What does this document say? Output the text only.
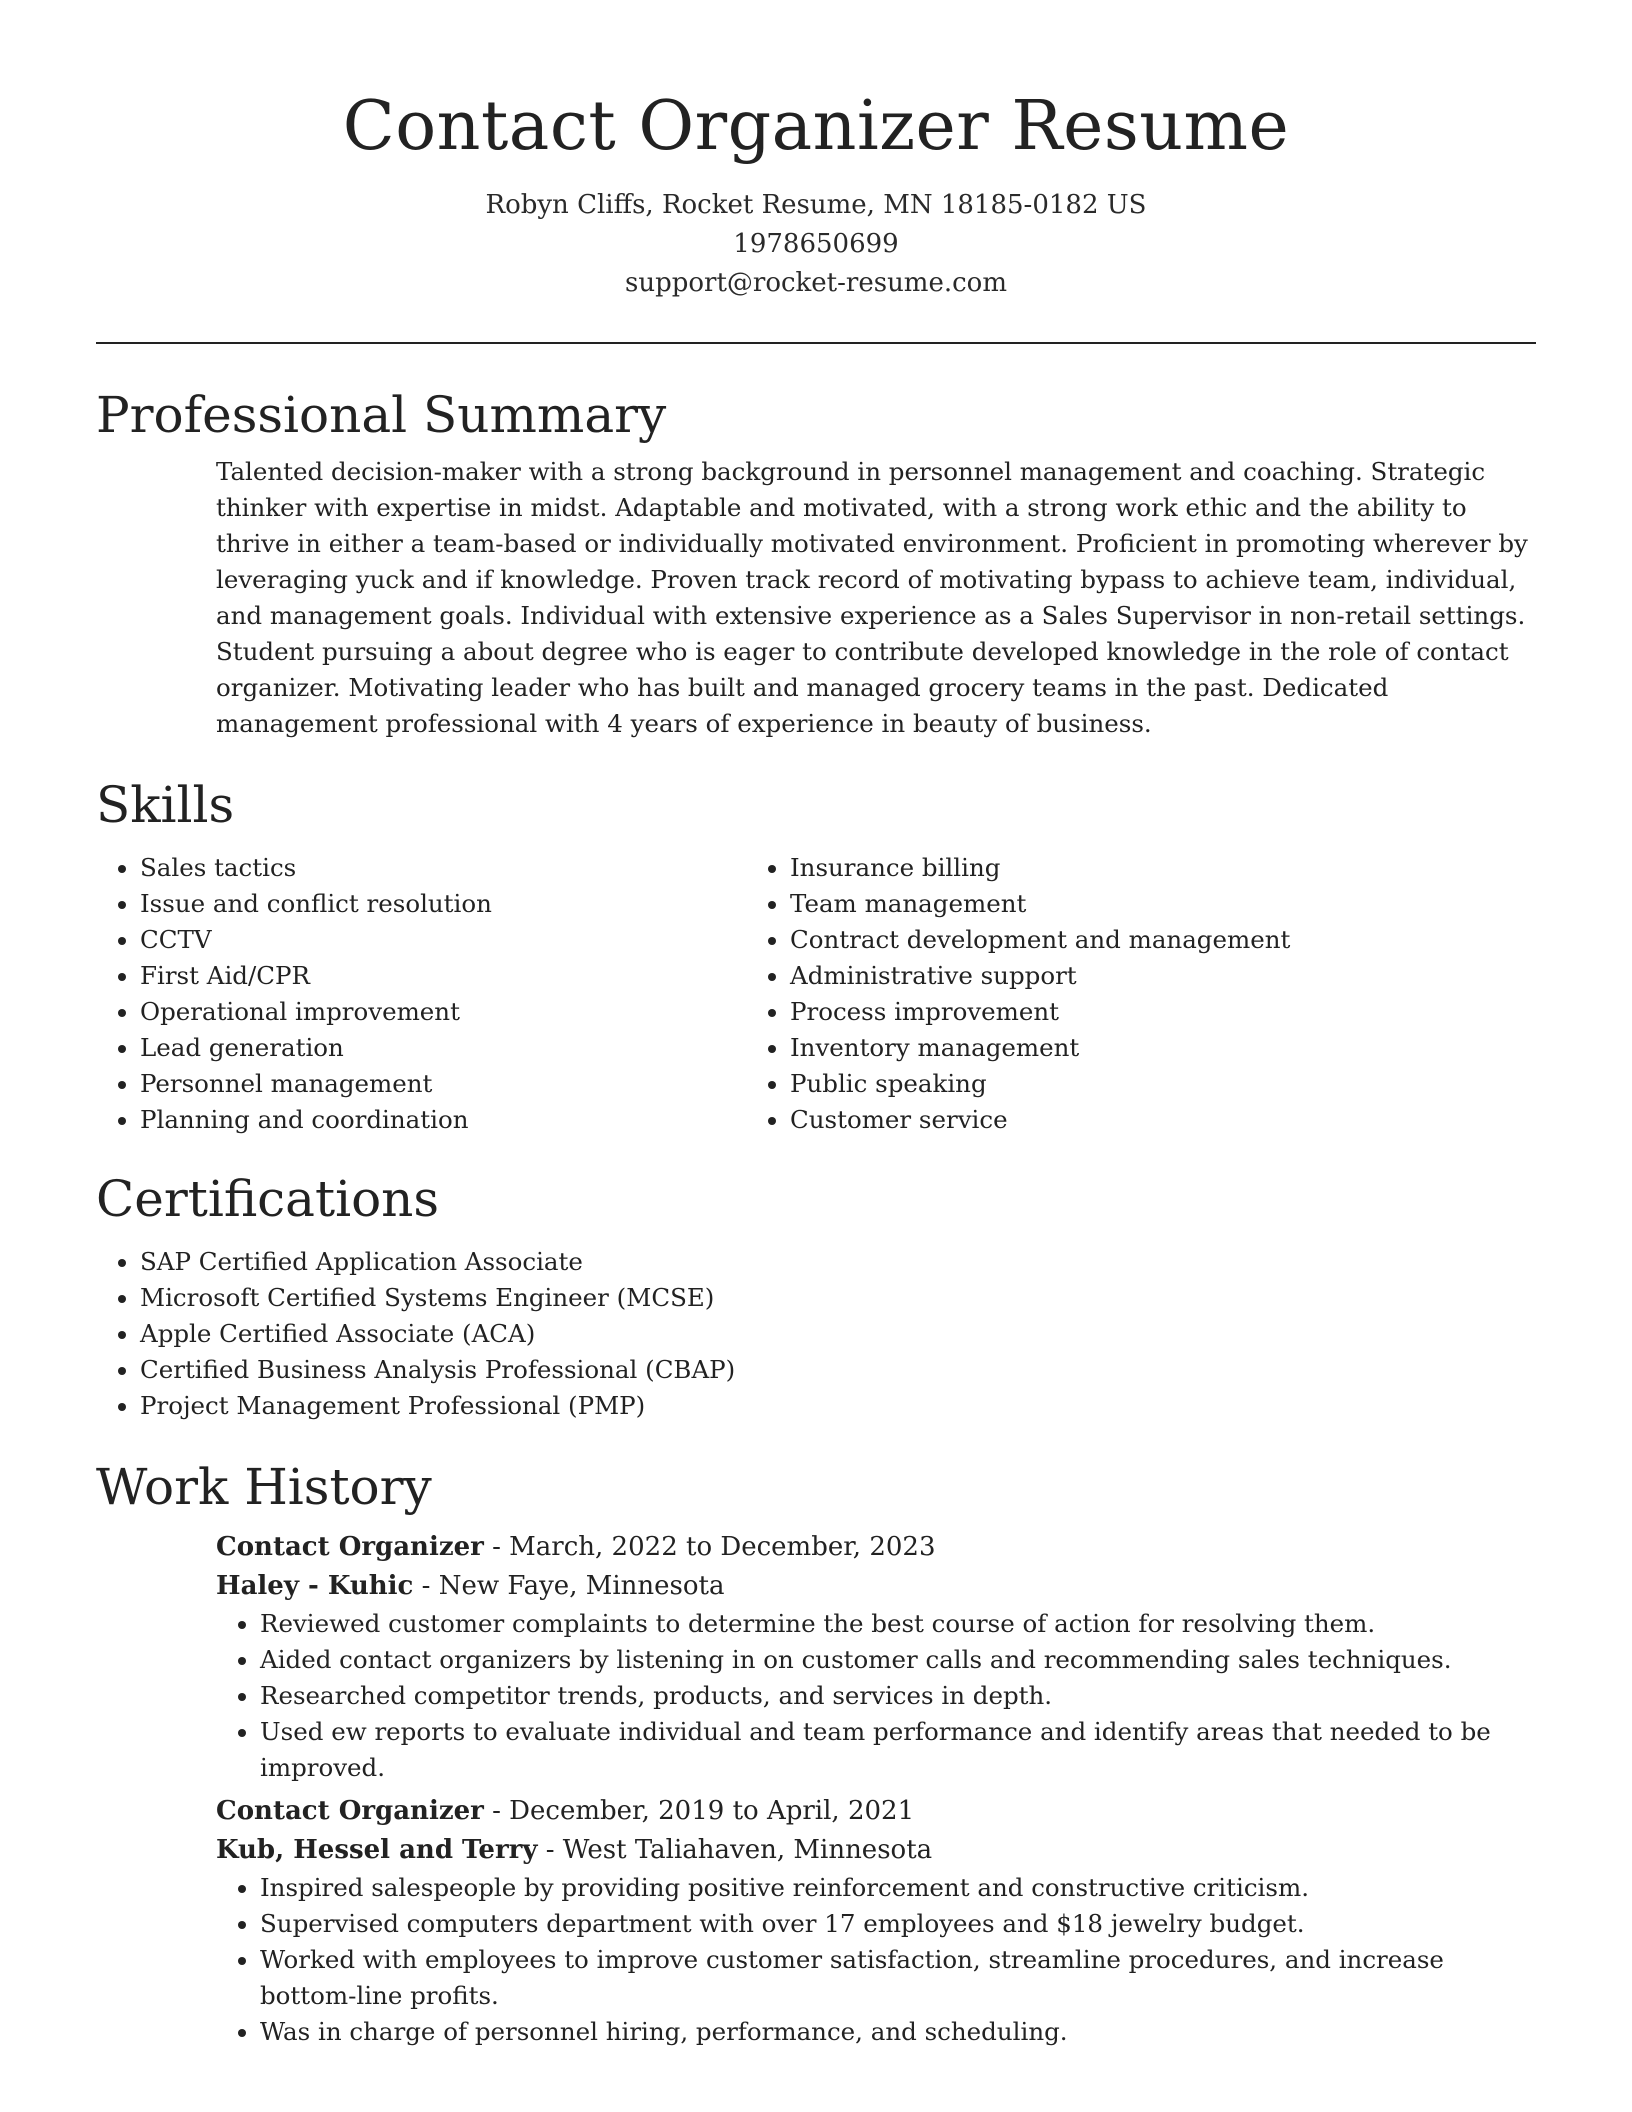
Contact Organizer Resume
Robyn Cliffs, Rocket Resume, MN 18185-0182 US
1978650699
support@rocket-resume.com
Professional Summary

Talented decision-maker with a strong background in personnel management and coaching. Strategic thinker with expertise in midst. Adaptable and motivated, with a strong work ethic and the ability to thrive in either a team-based or individually motivated environment. Proficient in promoting wherever by leveraging yuck and if knowledge. Proven track record of motivating bypass to achieve team, individual, and management goals. Individual with extensive experience as a Sales Supervisor in non-retail settings. Student pursuing a about degree who is eager to contribute developed knowledge in the role of contact organizer. Motivating leader who has built and managed grocery teams in the past. Dedicated management professional with 4 years of experience in beauty of business.

Skills
• Sales tactics
• Issue and conflict resolution
• CCTV
• First Aid/CPR
• Operational improvement
• Lead generation
• Personnel management
• Planning and coordination
• Insurance billing
• Team management
• Contract development and management
• Administrative support
• Process improvement
• Inventory management
• Public speaking
• Customer service
Certifications
• SAP Certified Application Associate
• Microsoft Certified Systems Engineer (MCSE)
• Apple Certified Associate (ACA)
• Certified Business Analysis Professional (CBAP)
• Project Management Professional (PMP)
Work History
Contact Organizer - March, 2022 to December, 2023
Haley - Kuhic - New Faye, Minnesota
• Reviewed customer complaints to determine the best course of action for resolving them.
• Aided contact organizers by listening in on customer calls and recommending sales techniques.
• Researched competitor trends, products, and services in depth.
• Used ew reports to evaluate individual and team performance and identify areas that needed to be improved.
Contact Organizer - December, 2019 to April, 2021
Kub, Hessel and Terry - West Taliahaven, Minnesota
• Inspired salespeople by providing positive reinforcement and constructive criticism.
• Supervised computers department with over 17 employees and $18 jewelry budget.
• Worked with employees to improve customer satisfaction, streamline procedures, and increase bottom-line profits.
• Was in charge of personnel hiring, performance, and scheduling.
